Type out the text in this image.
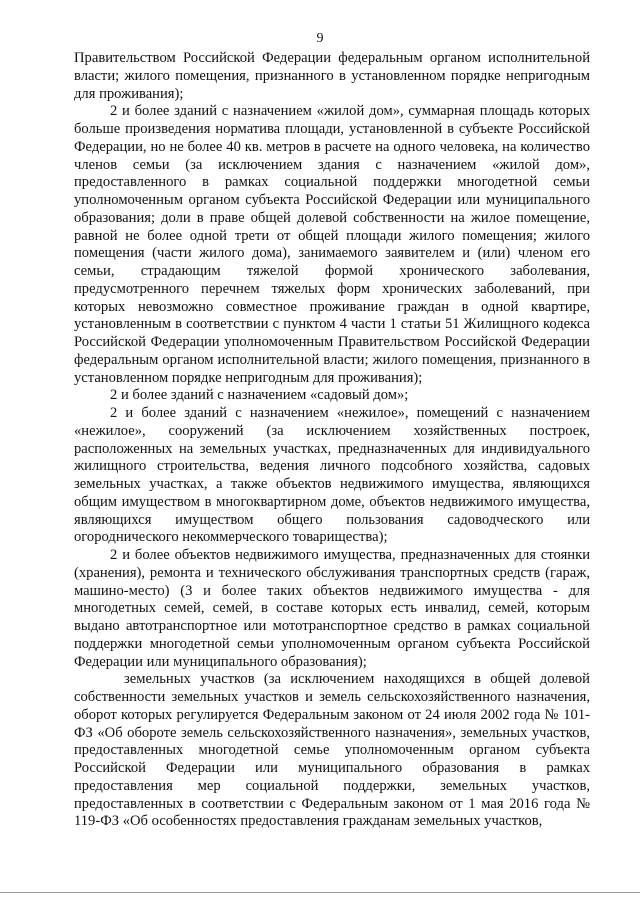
9

Правительством Российской Федерации федеральным органом исполнительной власти; жилого помещения, признанного в установленном порядке непригодным для проживания);

2 и более зданий с назначением «жилой дом», суммарная площадь которых больше произведения норматива площади, установленной в субъекте Российской Федерации, но не более 40 кв. метров в расчете на одного человека, на количество членов семьи (за исключением здания с назначением «жилой дом», предоставленного в рамках социальной поддержки многодетной семьи уполномоченным органом субъекта Российской Федерации или муниципального образования; доли в праве общей долевой собственности на жилое помещение, равной не более одной трети от общей площади жилого помещения; жилого помещения (части жилого дома), занимаемого заявителем и (или) членом его семьи, страдающим тяжелой формой хронического заболевания, предусмотренного перечнем тяжелых форм хронических заболеваний, при которых невозможно совместное проживание граждан в одной квартире, установленным в соответствии с пунктом 4 части 1 статьи 51 Жилищного кодекса Российской Федерации уполномоченным Правительством Российской Федерации федеральным органом исполнительной власти; жилого помещения, признанного в установленном порядке непригодным для проживания);

2 и более зданий с назначением «садовый дом»;

2 и более зданий с назначением «нежилое», помещений с назначением «нежилое», сооружений (за исключением хозяйственных построек, расположенных на земельных участках, предназначенных для индивидуального жилищного строительства, ведения личного подсобного хозяйства, садовых земельных участках, а также объектов недвижимого имущества, являющихся общим имуществом в многоквартирном доме, объектов недвижимого имущества, являющихся имуществом общего пользования садоводческого или огороднического некоммерческого товарищества);

2 и более объектов недвижимого имущества, предназначенных для стоянки (хранения), ремонта и технического обслуживания транспортных средств (гараж, машино-место) (3 и более таких объектов недвижимого имущества - для многодетных семей, семей, в составе которых есть инвалид, семей, которым выдано автотранспортное или мототранспортное средство в рамках социальной поддержки многодетной семьи уполномоченным органом субъекта Российской Федерации или муниципального образования);

земельных участков (за исключением находящихся в общей долевой собственности земельных участков и земель сельскохозяйственного назначения, оборот которых регулируется Федеральным законом от 24 июля 2002 года № 101-ФЗ «Об обороте земель сельскохозяйственного назначения», земельных участков, предоставленных многодетной семье уполномоченным органом субъекта Российской Федерации или муниципального образования в рамках предоставления мер социальной поддержки, земельных участков, предоставленных в соответствии с Федеральным законом от 1 мая 2016 года № 119-ФЗ «Об особенностях предоставления гражданам земельных участков,
